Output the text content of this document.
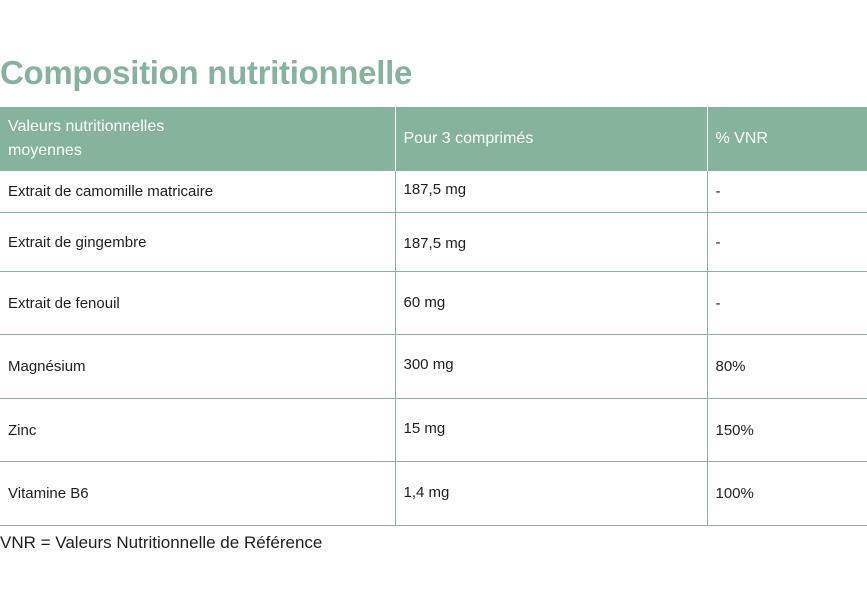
Composition nutritionnelle
Valeurs nutritionnelles
moyennes	Pour 3 comprimés	% VNR

Extrait de camomille matricaire	187,5 mg	-
Extrait de gingembre	187,5 mg	-
Extrait de fenouil	60 mg	-
Magnésium	300 mg	80%
Zinc	15 mg	150%
Vitamine B6	1,4 mg	100%

VNR = Valeurs Nutritionnelle de Référence
